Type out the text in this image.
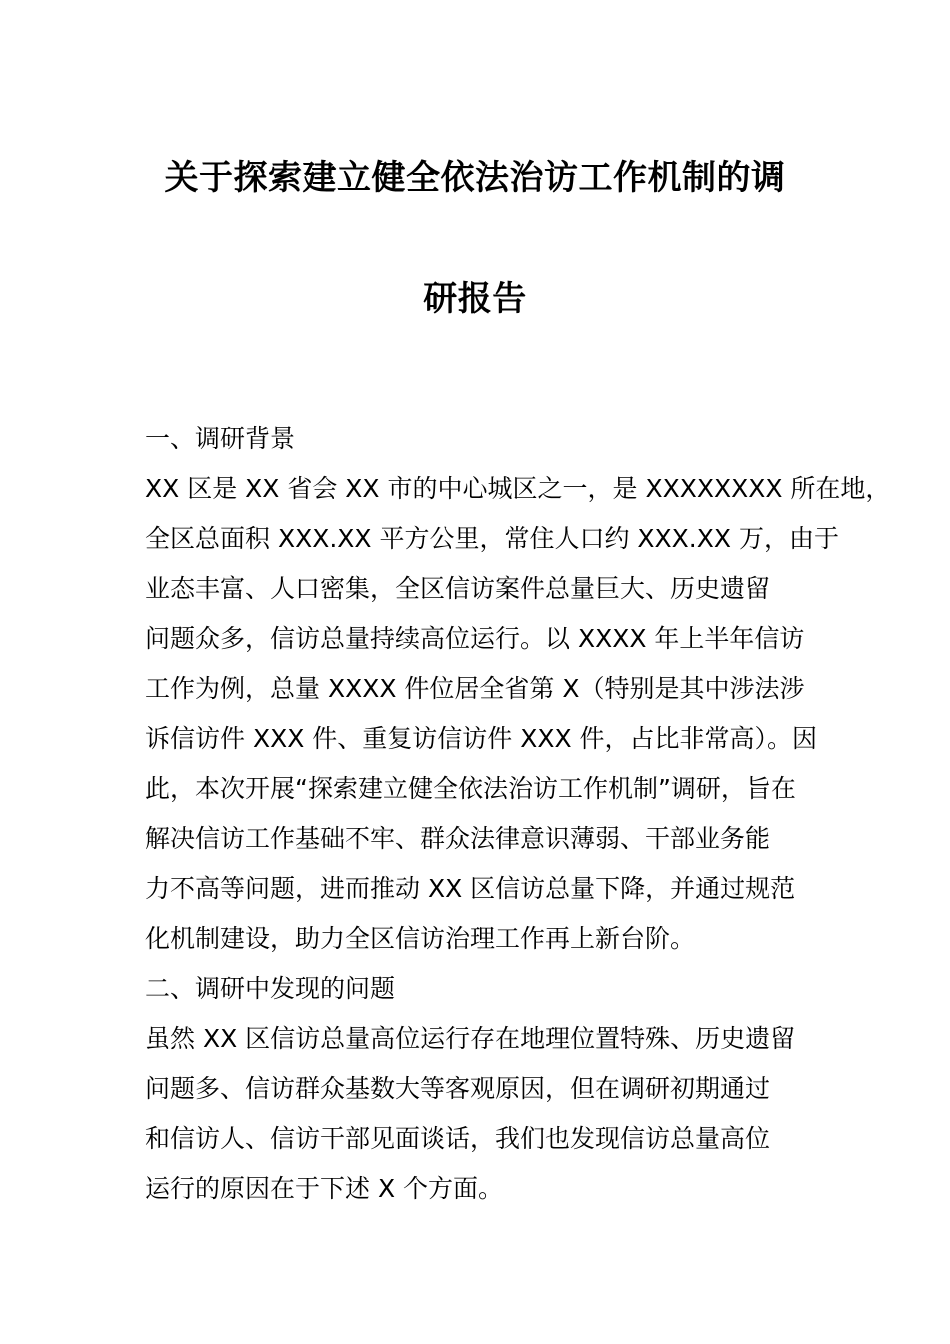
关于探索建立健全依法治访工作机制的调
研报告
一、调研背景
XX 区是 XX 省会 XX 市的中心城区之一，是 XXXXXXXX 所在地，
全区总面积 XXX.XX 平方公里，常住人口约 XXX.XX 万，由于
业态丰富、人口密集，全区信访案件总量巨大、历史遗留
问题众多，信访总量持续高位运行。以 XXXX 年上半年信访
工作为例，总量 XXXX 件位居全省第 X（特别是其中涉法涉
诉信访件 XXX 件、重复访信访件 XXX 件，占比非常高）。因
此，本次开展“探索建立健全依法治访工作机制”调研，旨在
解决信访工作基础不牢、群众法律意识薄弱、干部业务能
力不高等问题，进而推动 XX 区信访总量下降，并通过规范
化机制建设，助力全区信访治理工作再上新台阶。
二、调研中发现的问题
虽然 XX 区信访总量高位运行存在地理位置特殊、历史遗留
问题多、信访群众基数大等客观原因，但在调研初期通过
和信访人、信访干部见面谈话，我们也发现信访总量高位
运行的原因在于下述 X 个方面。
